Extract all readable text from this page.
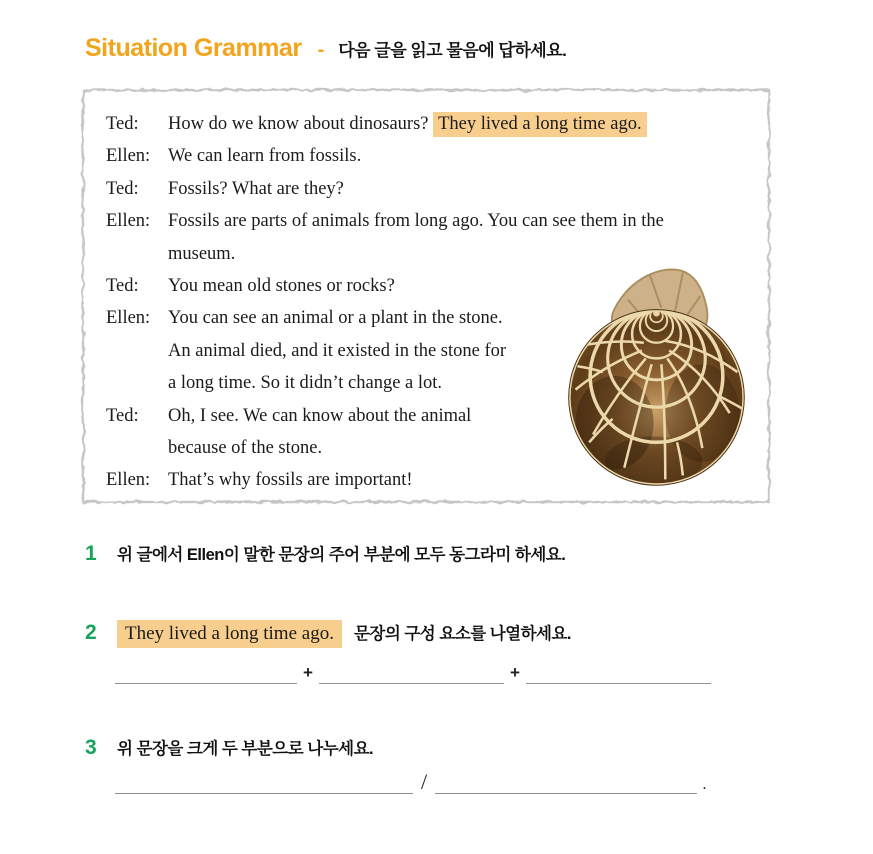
Situation Grammar - 다음 글을 읽고 물음에 답하세요.
Ted:	How do we know about dinosaurs? They lived a long time ago.
Ellen: We can learn from fossils.
Ted:	Fossils? What are they?
Ellen: Fossils are parts of animals from long ago. You can see them in the
museum.
Ted:	You mean old stones or rocks?
Ellen: You can see an animal or a plant in the stone.
An animal died, and it existed in the stone for
a long time. So it didn’t change a lot.
Ted:	Oh, I see. We can know about the animal
because of the stone.
Ellen: That’s why fossils are important!
1	위 글에서 Ellen이 말한 문장의 주어 부분에 모두 동그라미 하세요.
2	They lived a long time ago. 문장의 구성 요소를 나열하세요.
+	+
3	위 문장을 크게 두 부분으로 나누세요.
/	.
